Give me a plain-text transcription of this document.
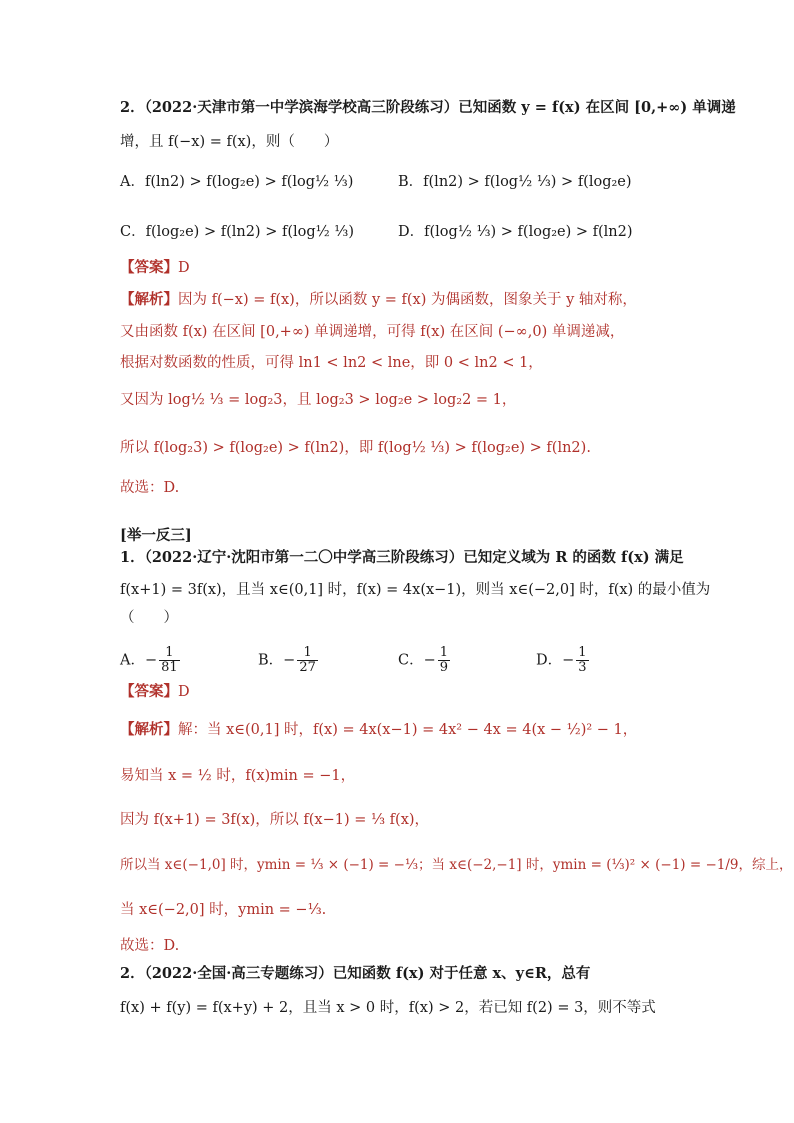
2．（2022·天津市第一中学滨海学校高三阶段练习）已知函数 y = f(x) 在区间 [0,+∞) 单调递
增，且 f(−x) = f(x)，则（　　）
A．f(ln2) > f(log₂e) > f(log½ ⅓)	B．f(ln2) > f(log½ ⅓) > f(log₂e)
C．f(log₂e) > f(ln2) > f(log½ ⅓)	D．f(log½ ⅓) > f(log₂e) > f(ln2)
【答案】D
【解析】因为 f(−x) = f(x)，所以函数 y = f(x) 为偶函数，图象关于 y 轴对称，
又由函数 f(x) 在区间 [0,+∞) 单调递增，可得 f(x) 在区间 (−∞,0) 单调递减，
根据对数函数的性质，可得 ln1 < ln2 < lne，即 0 < ln2 < 1，
又因为 log½ ⅓ = log₂3，且 log₂3 > log₂e > log₂2 = 1，
所以 f(log₂3) > f(log₂e) > f(ln2)，即 f(log½ ⅓) > f(log₂e) > f(ln2).
故选：D.
[举一反三]
1．（2022·辽宁·沈阳市第一二〇中学高三阶段练习）已知定义域为 R 的函数 f(x) 满足
f(x+1) = 3f(x)，且当 x∈(0,1] 时，f(x) = 4x(x−1)，则当 x∈(−2,0] 时，f(x) 的最小值为
（　　）
A．− $\frac{1}{81}$	B．− $\frac{1}{27}$	C．− $\frac{1}{9}$	D．− $\frac{1}{3}$
【答案】D
【解析】解：当 x∈(0,1] 时，f(x) = 4x(x−1) = 4x² − 4x = 4(x − ½)² − 1，
易知当 x = ½ 时，f(x)min = −1，
因为 f(x+1) = 3f(x)，所以 f(x−1) = ⅓ f(x)，
所以当 x∈(−1,0] 时，ymin = ⅓ × (−1) = −⅓；当 x∈(−2,−1] 时，ymin = (⅓)² × (−1) = −1/9，综上，
当 x∈(−2,0] 时，ymin = −⅓.
故选：D.
2．（2022·全国·高三专题练习）已知函数 f(x) 对于任意 x、y∈R，总有
f(x) + f(y) = f(x+y) + 2，且当 x > 0 时，f(x) > 2，若已知 f(2) = 3，则不等式
